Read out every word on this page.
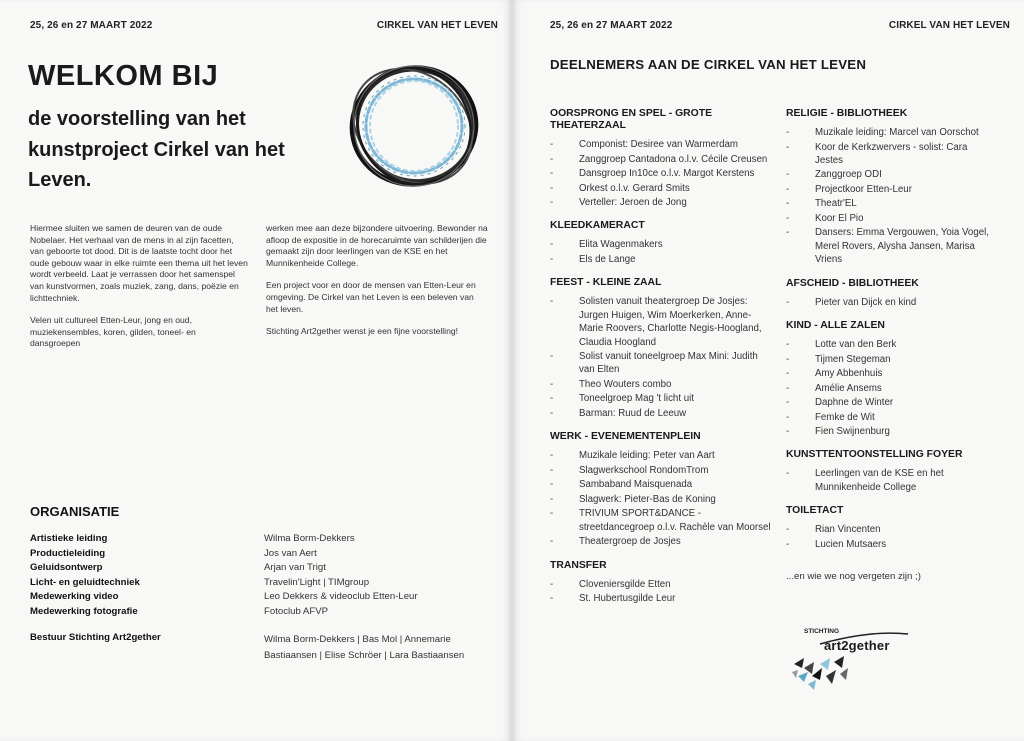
25, 26 en 27 MAART 2022	CIRKEL VAN HET LEVEN
WELKOM BIJ
de voorstelling van het kunstproject Cirkel van het Leven.

Hiermee sluiten we samen de deuren van de oude Nobelaer. Het verhaal van de mens in al zijn facetten, van geboorte tot dood. Dit is de laatste tocht door het oude gebouw waar in elke ruimte een thema uit het leven wordt verbeeld. Laat je verrassen door het samenspel van kunstvormen, zoals muziek, zang, dans, poëzie en lichttechniek.

Velen uit cultureel Etten-Leur, jong en oud, muziekensembles, koren, gilden, toneel- en dansgroepen

werken mee aan deze bijzondere uitvoering. Bewonder na afloop de expositie in de horecaruimte van schilderijen die gemaakt zijn door leerlingen van de KSE en het Munnikenheide College.

Een project voor en door de mensen van Etten-Leur en omgeving. De Cirkel van het Leven is een beleven van het leven.

Stichting Art2gether wenst je een fijne voorstelling!

ORGANISATIE
Artistieke leiding	Wilma Borm-Dekkers
Productieleiding	Jos van Aert
Geluidsontwerp	Arjan van Trigt
Licht- en geluidtechniek	Travelin'Light | TIMgroup
Medewerking video	Leo Dekkers & videoclub Etten-Leur
Medewerking fotografie	Fotoclub AFVP
Bestuur Stichting Art2gether	Wilma Borm-Dekkers | Bas Mol | Annemarie Bastiaansen | Elise Schröer | Lara Bastiaansen
25, 26 en 27 MAART 2022	CIRKEL VAN HET LEVEN
DEELNEMERS AAN DE CIRKEL VAN HET LEVEN
OORSPRONG EN SPEL - GROTE THEATERZAAL
- Componist: Desiree van Warmerdam
- Zanggroep Cantadona o.l.v. Cécile Creusen
- Dansgroep In10ce o.l.v. Margot Kerstens
- Orkest o.l.v. Gerard Smits
- Verteller: Jeroen de Jong
KLEEDKAMERACT
- Elita Wagenmakers
- Els de Lange
FEEST - KLEINE ZAAL
- Solisten vanuit theatergroep De Josjes: Jurgen Huigen, Wim Moerkerken, Anne-Marie Roovers, Charlotte Negis-Hoogland, Claudia Hoogland
- Solist vanuit toneelgroep Max Mini: Judith van Elten
- Theo Wouters combo
- Toneelgroep Mag 't licht uit
- Barman: Ruud de Leeuw
WERK - EVENEMENTENPLEIN
- Muzikale leiding: Peter van Aart
- Slagwerkschool RondomTrom
- Sambaband Maisquenada
- Slagwerk: Pieter-Bas de Koning
- TRIVIUM SPORT&DANCE - streetdancegroep o.l.v. Rachèle van Moorsel
- Theatergroep de Josjes
TRANSFER
- Cloveniersgilde Etten
- St. Hubertusgilde Leur
RELIGIE - BIBLIOTHEEK
- Muzikale leiding: Marcel van Oorschot
- Koor de Kerkzwervers - solist: Cara Jestes
- Zanggroep ODI
- Projectkoor Etten-Leur
- Theatr'EL
- Koor El Pio
- Dansers: Emma Vergouwen, Yoia Vogel, Merel Rovers, Alysha Jansen, Marisa Vriens
AFSCHEID - BIBLIOTHEEK
- Pieter van Dijck en kind
KIND - ALLE ZALEN
- Lotte van den Berk
- Tijmen Stegeman
- Amy Abbenhuis
- Amélie Ansems
- Daphne de Winter
- Femke de Wit
- Fien Swijnenburg
KUNSTTENTOONSTELLING FOYER
- Leerlingen van de KSE en het Munnikenheide College
TOILETACT
- Rian Vincenten
- Lucien Mutsaers
...en wie we nog vergeten zijn ;)
STICHTING
art2gether
